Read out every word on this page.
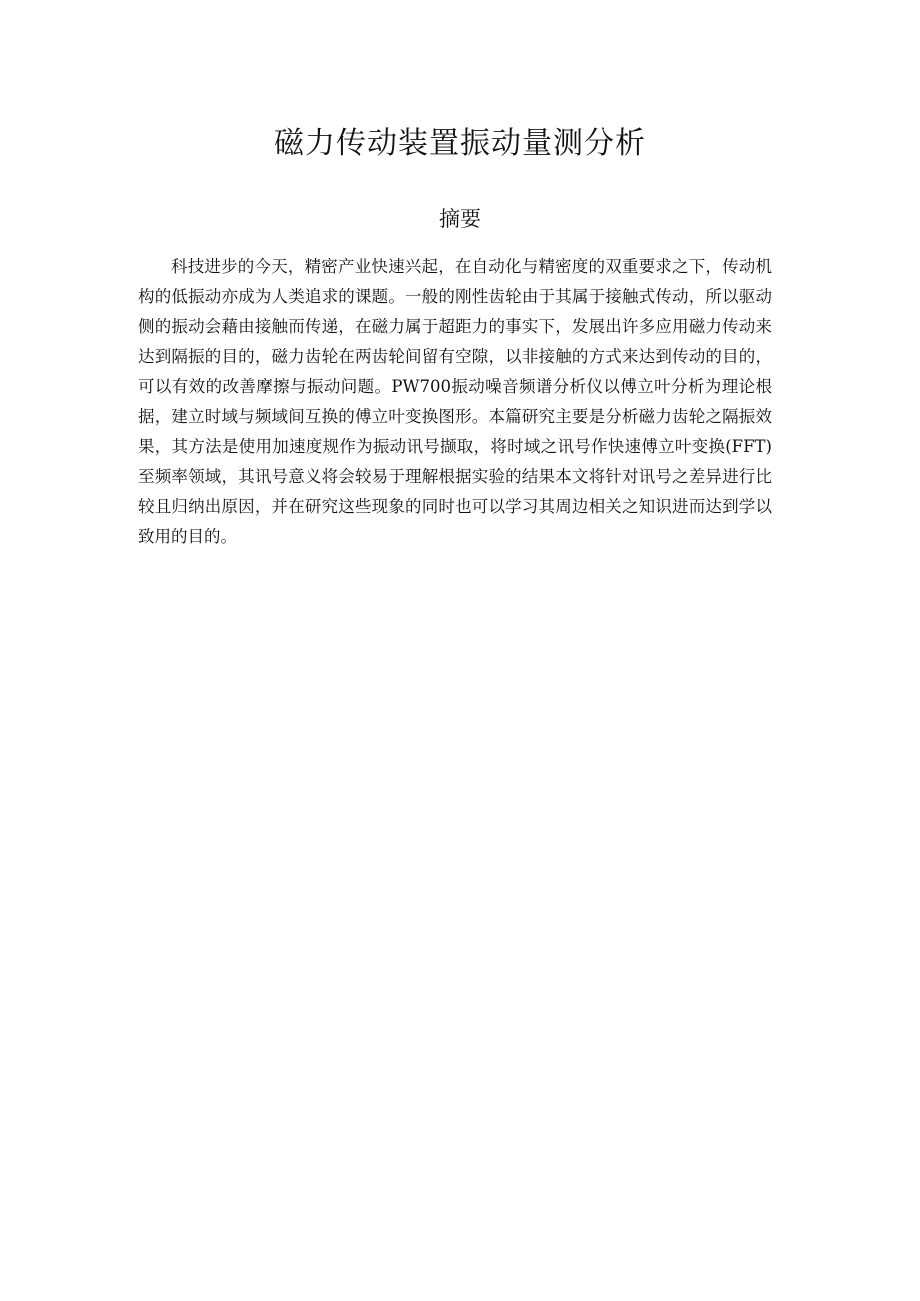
磁力传动装置振动量测分析
摘要

科技进步的今天，精密产业快速兴起，在自动化与精密度的双重要求之下，传动机构的低振动亦成为人类追求的课题。一般的刚性齿轮由于其属于接触式传动，所以驱动侧的振动会藉由接触而传递，在磁力属于超距力的事实下，发展出许多应用磁力传动来达到隔振的目的，磁力齿轮在两齿轮间留有空隙，以非接触的方式来达到传动的目的，可以有效的改善摩擦与振动问题。PW700振动噪音频谱分析仪以傅立叶分析为理论根据，建立时域与频域间互换的傅立叶变换图形。本篇研究主要是分析磁力齿轮之隔振效果，其方法是使用加速度规作为振动讯号撷取，将时域之讯号作快速傅立叶变换(FFT)至频率领域，其讯号意义将会较易于理解根据实验的结果本文将针对讯号之差异进行比较且归纳出原因，并在研究这些现象的同时也可以学习其周边相关之知识进而达到学以致用的目的。
